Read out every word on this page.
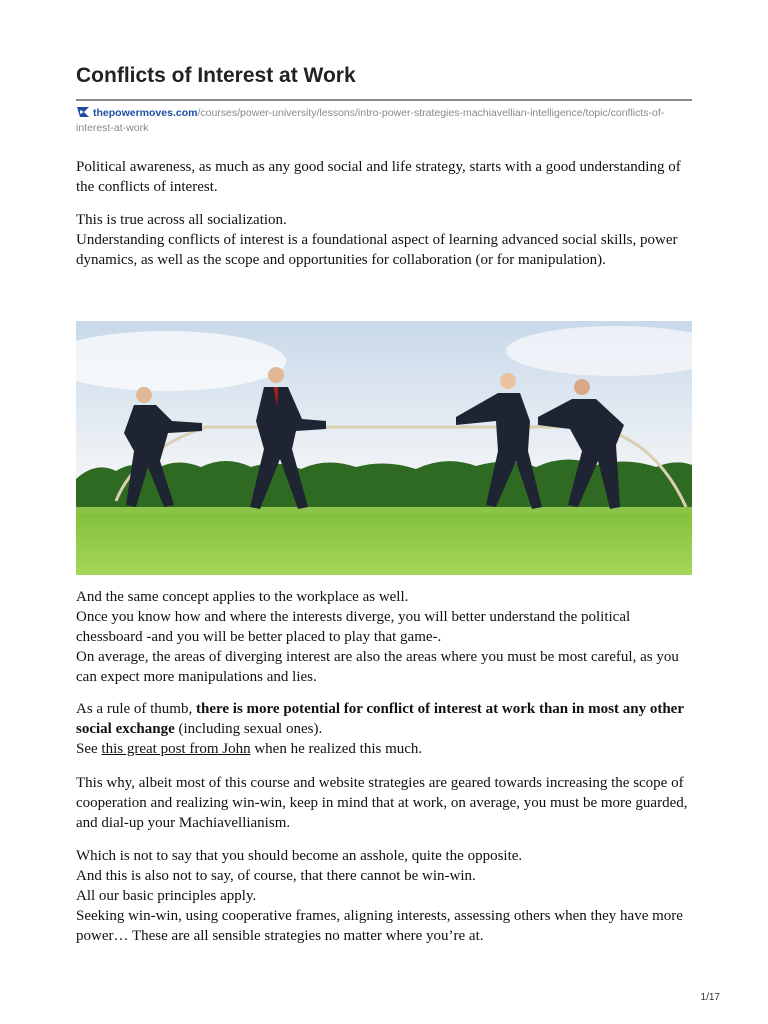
Conflicts of Interest at Work
thepowermoves.com/courses/power-university/lessons/intro-power-strategies-machiavellian-intelligence/topic/conflicts-of-interest-at-work

Political awareness, as much as any good social and life strategy, starts with a good understanding of the conflicts of interest.

This is true across all socialization.

Understanding conflicts of interest is a foundational aspect of learning advanced social skills, power dynamics, as well as the scope and opportunities for collaboration (or for manipulation).

And the same concept applies to the workplace as well.

Once you know how and where the interests diverge, you will better understand the political chessboard -and you will be better placed to play that game-.

On average, the areas of diverging interest are also the areas where you must be most careful, as you can expect more manipulations and lies.

As a rule of thumb, there is more potential for conflict of interest at work than in most any other social exchange (including sexual ones).

See this great post from John when he realized this much.

This why, albeit most of this course and website strategies are geared towards increasing the scope of cooperation and realizing win-win, keep in mind that at work, on average, you must be more guarded, and dial-up your Machiavellianism.

Which is not to say that you should become an asshole, quite the opposite.

And this is also not to say, of course, that there cannot be win-win.

All our basic principles apply.

Seeking win-win, using cooperative frames, aligning interests, assessing others when they have more power… These are all sensible strategies no matter where you’re at.

1/17
